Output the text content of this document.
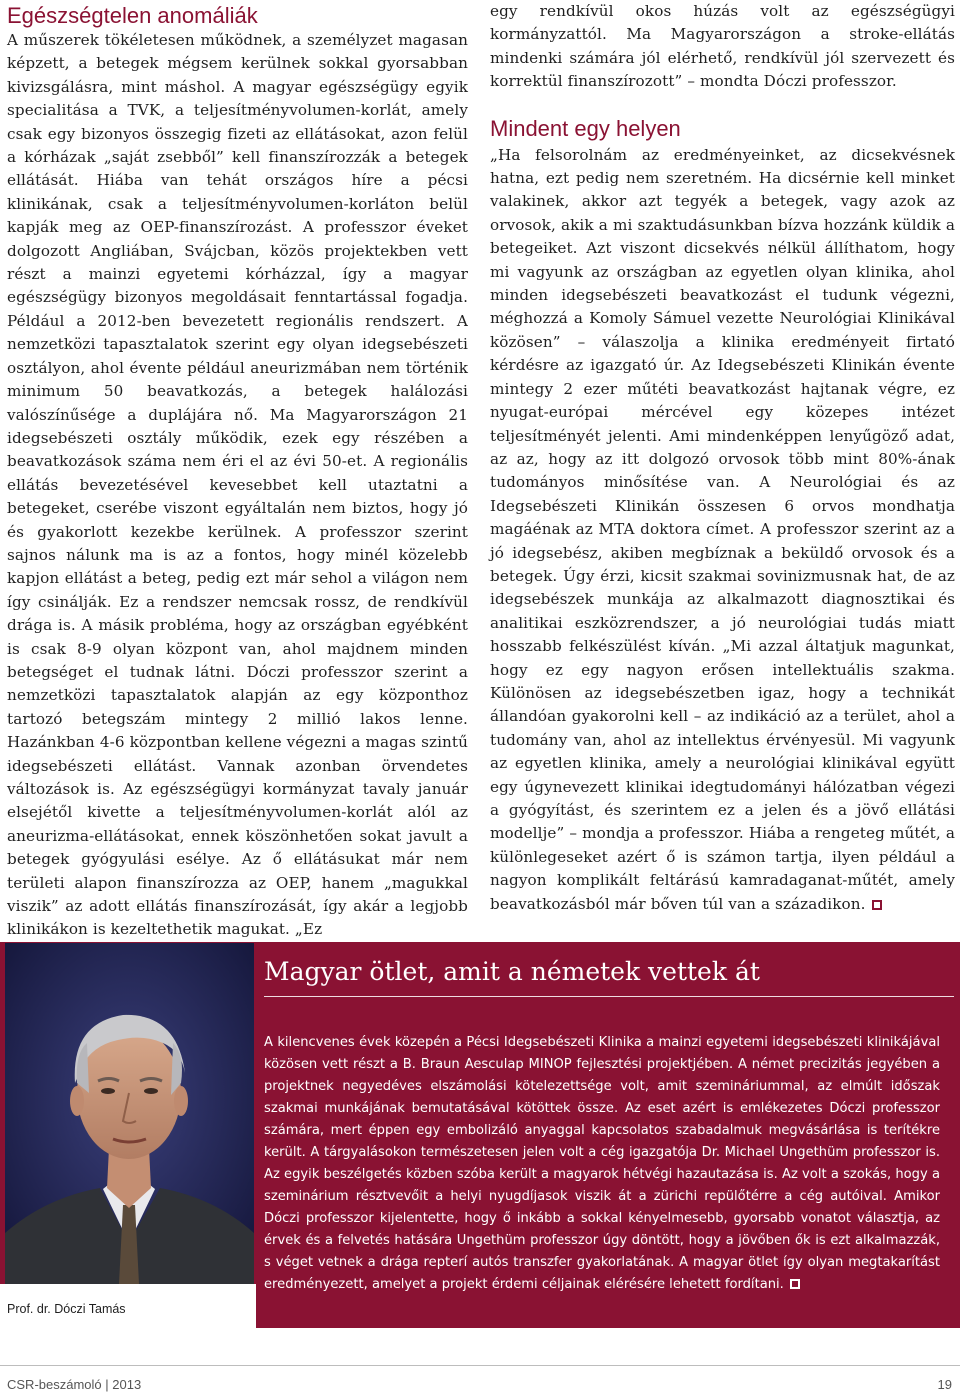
Egészségtelen anomáliák

A műszerek tökéletesen működnek, a személyzet magasan képzett, a betegek mégsem kerülnek sokkal gyorsabban kivizsgálásra, mint máshol. A magyar egészségügy egyik specialitása a TVK, a teljesítményvolumen-korlát, amely csak egy bizonyos összegig fizeti az ellátásokat, azon felül a kórházak „saját zsebből” kell finanszírozzák a betegek ellátását. Hiába van tehát országos híre a pécsi klinikának, csak a teljesítményvolumen-korláton belül kapják meg az OEP-finanszírozást. A professzor éveket dolgozott Angliában, Svájcban, közös projektekben vett részt a mainzi egyetemi kórházzal, így a magyar egészségügy bizonyos megoldásait fenntartással fogadja. Például a 2012-ben bevezetett regionális rendszert. A nemzetközi tapasztalatok szerint egy olyan idegsebészeti osztályon, ahol évente például aneurizmában nem történik minimum 50 beavatkozás, a betegek halálozási valószínűsége a duplájára nő. Ma Magyarországon 21 idegsebészeti osztály működik, ezek egy részében a beavatkozások száma nem éri el az évi 50-et. A regionális ellátás bevezetésével kevesebbet kell utaztatni a betegeket, cserébe viszont egyáltalán nem biztos, hogy jó és gyakorlott kezekbe kerülnek. A professzor szerint sajnos nálunk ma is az a fontos, hogy minél közelebb kapjon ellátást a beteg, pedig ezt már sehol a világon nem így csinálják. Ez a rendszer nemcsak rossz, de rendkívül drága is. A másik probléma, hogy az országban egyébként is csak 8-9 olyan központ van, ahol majdnem minden betegséget el tudnak látni. Dóczi professzor szerint a nemzetközi tapasztalatok alapján az egy központhoz tartozó betegszám mintegy 2 millió lakos lenne. Hazánkban 4-6 központban kellene végezni a magas szintű idegsebészeti ellátást. Vannak azonban örvendetes változások is. Az egészségügyi kormányzat tavaly január elsejétől kivette a teljesítményvolumen-korlát alól az aneurizma-ellátásokat, ennek köszönhetően sokat javult a betegek gyógyulási esélye. Az ő ellátásukat már nem területi alapon finanszírozza az OEP, hanem „magukkal viszik” az adott ellátás finanszírozását, így akár a legjobb klinikákon is kezeltethetik magukat. „Ez

egy rendkívül okos húzás volt az egészségügyi kormányzattól. Ma Magyarországon a stroke-ellátás mindenki számára jól elérhető, rendkívül jól szervezett és korrektül finanszírozott” – mondta Dóczi professzor.

Mindent egy helyen

„Ha felsorolnám az eredményeinket, az dicsekvésnek hatna, ezt pedig nem szeretném. Ha dicsérnie kell minket valakinek, akkor azt tegyék a betegek, vagy azok az orvosok, akik a mi szaktudásunkban bízva hozzánk küldik a betegeiket. Azt viszont dicsekvés nélkül állíthatom, hogy mi vagyunk az országban az egyetlen olyan klinika, ahol minden idegsebészeti beavatkozást el tudunk végezni, méghozzá a Komoly Sámuel vezette Neurológiai Klinikával közösen” – válaszolja a klinika eredményeit firtató kérdésre az igazgató úr. Az Idegsebészeti Klinikán évente mintegy 2 ezer műtéti beavatkozást hajtanak végre, ez nyugat-európai mércével egy közepes intézet teljesítményét jelenti. Ami mindenképpen lenyűgöző adat, az az, hogy az itt dolgozó orvosok több mint 80%-ának tudományos minősítése van. A Neurológiai és az Idegsebészeti Klinikán összesen 6 orvos mondhatja magáénak az MTA doktora címet. A professzor szerint az a jó idegsebész, akiben megbíznak a beküldő orvosok és a betegek. Úgy érzi, kicsit szakmai sovinizmusnak hat, de az idegsebészek munkája az alkalmazott diagnosztikai és analitikai eszközrendszer, a jó neurológiai tudás miatt hosszabb felkészülést kíván. „Mi azzal áltatjuk magunkat, hogy ez egy nagyon erősen intellektuális szakma. Különösen az idegsebészetben igaz, hogy a technikát állandóan gyakorolni kell – az indikáció az a terület, ahol a tudomány van, ahol az intellektus érvényesül. Mi vagyunk az egyetlen klinika, amely a neurológiai klinikával együtt egy úgynevezett klinikai idegtudományi hálózatban végezi a gyógyítást, és szerintem ez a jelen és a jövő ellátási modellje” – mondja a professzor. Hiába a rengeteg műtét, a különlegeseket azért ő is számon tartja, ilyen például a nagyon komplikált feltárású kamradaganat-műtét, amely beavatkozásból már bőven túl van a századikon.

Prof. dr. Dóczi Tamás
Magyar ötlet, amit a németek vettek át

A kilencvenes évek közepén a Pécsi Idegsebészeti Klinika a mainzi egyetemi idegsebészeti klinikájával közösen vett részt a B. Braun Aesculap MINOP fejlesztési projektjében. A német precizitás jegyében a projektnek negyedéves elszámolási kötelezettsége volt, amit szemináriummal, az elmúlt időszak szakmai munkájának bemutatásával kötöttek össze. Az eset azért is emlékezetes Dóczi professzor számára, mert éppen egy embolizáló anyaggal kapcsolatos szabadalmuk megvásárlása is terítékre került. A tárgyalásokon természetesen jelen volt a cég igazgatója Dr. Michael Ungethüm professzor is. Az egyik beszélgetés közben szóba került a magyarok hétvégi hazautazása is. Az volt a szokás, hogy a szeminárium résztvevőit a helyi nyugdíjasok viszik át a zürichi repülőtérre a cég autóival. Amikor Dóczi professzor kijelentette, hogy ő inkább a sokkal kényelmesebb, gyorsabb vonatot választja, az érvek és a felvetés hatására Ungethüm professzor úgy döntött, hogy a jövőben ők is ezt alkalmazzák, s véget vetnek a drága repterí autós transzfer gyakorlatának. A magyar ötlet így olyan megtakarítást eredményezett, amelyet a projekt érdemi céljainak elérésére lehetett fordítani.

CSR-beszámoló | 2013	19
